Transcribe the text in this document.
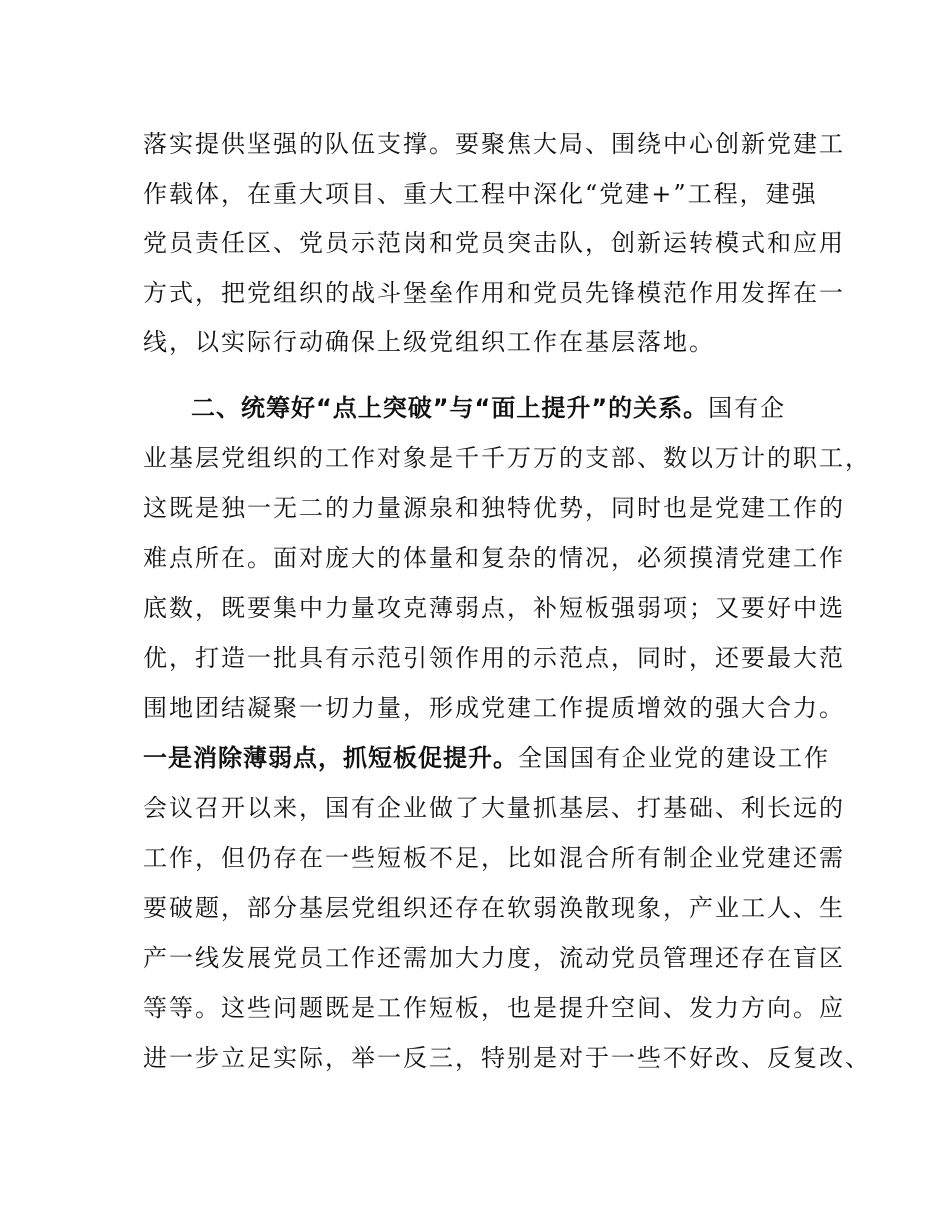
落实提供坚强的队伍支撑。要聚焦大局、围绕中心创新党建工
作载体，在重大项目、重大工程中深化“党建+”工程，建强
党员责任区、党员示范岗和党员突击队，创新运转模式和应用
方式，把党组织的战斗堡垒作用和党员先锋模范作用发挥在一
线，以实际行动确保上级党组织工作在基层落地。
二、统筹好“点上突破”与“面上提升”的关系。国有企
业基层党组织的工作对象是千千万万的支部、数以万计的职工，
这既是独一无二的力量源泉和独特优势，同时也是党建工作的
难点所在。面对庞大的体量和复杂的情况，必须摸清党建工作
底数，既要集中力量攻克薄弱点，补短板强弱项；又要好中选
优，打造一批具有示范引领作用的示范点，同时，还要最大范
围地团结凝聚一切力量，形成党建工作提质增效的强大合力。
一是消除薄弱点，抓短板促提升。全国国有企业党的建设工作
会议召开以来，国有企业做了大量抓基层、打基础、利长远的
工作，但仍存在一些短板不足，比如混合所有制企业党建还需
要破题，部分基层党组织还存在软弱涣散现象，产业工人、生
产一线发展党员工作还需加大力度，流动党员管理还存在盲区
等等。这些问题既是工作短板，也是提升空间、发力方向。应
进一步立足实际，举一反三，特别是对于一些不好改、反复改、
